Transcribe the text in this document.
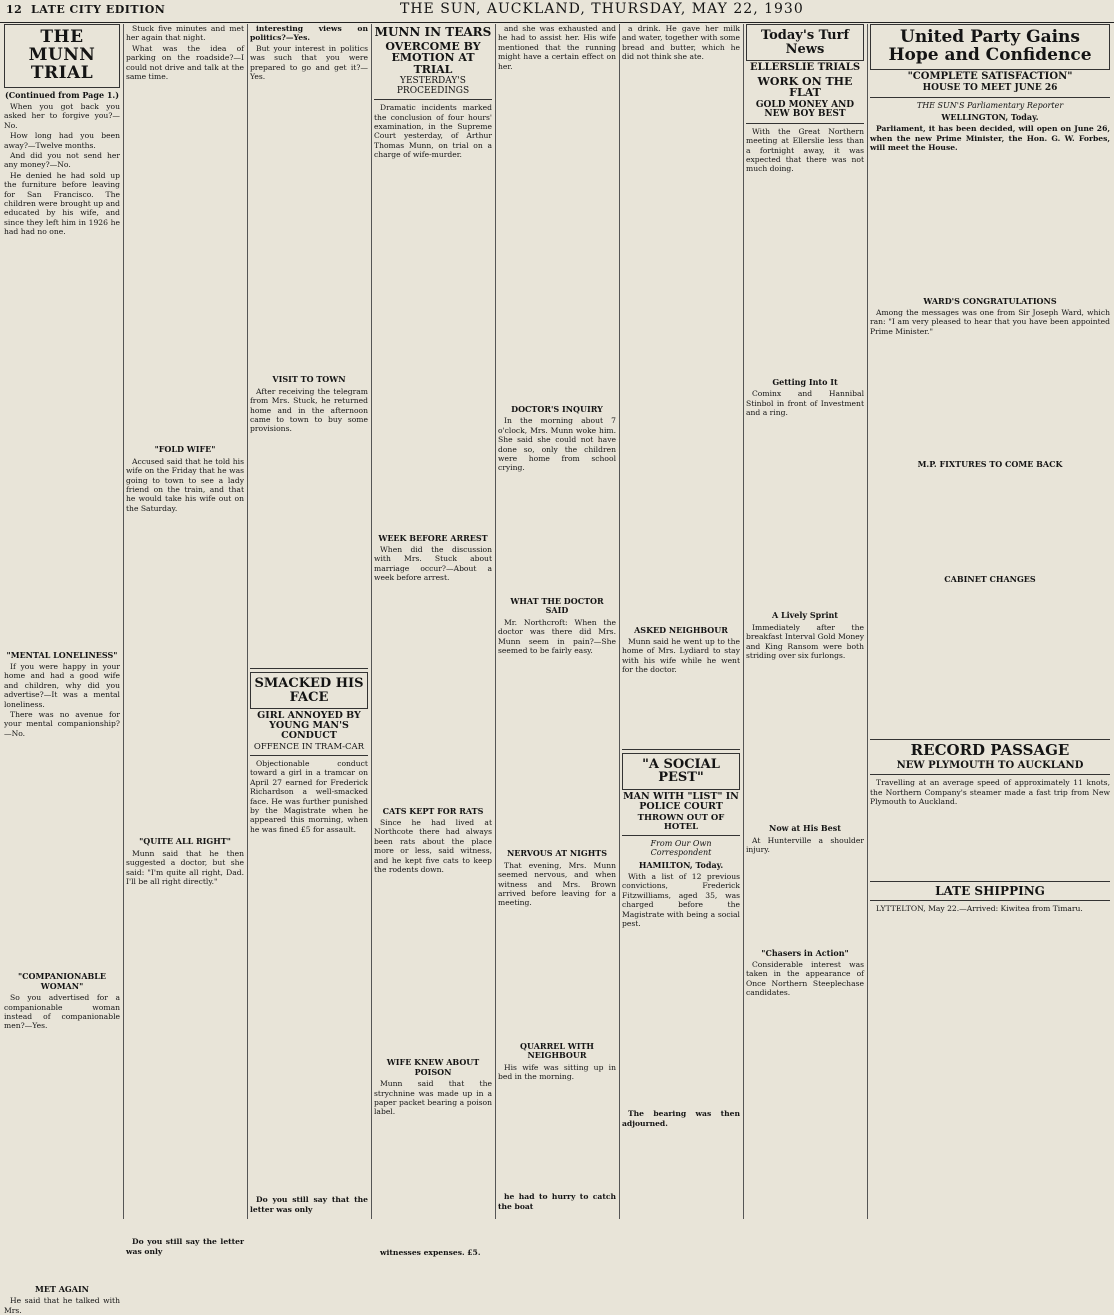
12 LATE CITY EDITION	THE SUN, AUCKLAND, THURSDAY, MAY 22, 1930
THE MUNN TRIAL
(Continued from Page 1.)

When you got back you asked her to forgive you?—No.

How long had you been away?—Twelve months.

And did you not send her any money?—No.

He denied he had sold up the furniture before leaving for San Francisco. The children were brought up and educated by his wife, and since they left him in 1926 he had had no one.

"MENTAL LONELINESS"

If you were happy in your home and had a good wife and children, why did you advertise?—It was a mental loneliness.

There was no avenue for your mental companionship?—No.

"COMPANIONABLE WOMAN"

So you advertised for a companionable woman instead of companionable men?—Yes.

MET AGAIN

He said that he talked with Mrs.

Stuck five minutes and met her again that night.

What was the idea of parking on the roadside?—I could not drive and talk at the same time.

"FOLD WIFE"

Accused said that he told his wife on the Friday that he was going to town to see a lady friend on the train, and that he would take his wife out on the Saturday.

"QUITE ALL RIGHT"

Munn said that he then suggested a doctor, but she said: "I'm quite all right, Dad. I'll be all right directly."

Do you still say the letter was only

interesting views on politics?—Yes.

But your interest in politics was such that you were prepared to go and get it?—Yes.

VISIT TO TOWN

After receiving the telegram from Mrs. Stuck, he returned home and in the afternoon came to town to buy some provisions.

SMACKED HIS FACE
GIRL ANNOYED BY YOUNG MAN'S CONDUCT
OFFENCE IN TRAM-CAR

Objectionable conduct toward a girl in a tramcar on April 27 earned for Frederick Richardson a well-smacked face. He was further punished by the Magistrate when he appeared this morning, when he was fined £5 for assault.

Do you still say that the letter was only

MUNN IN TEARS
OVERCOME BY EMOTION AT TRIAL
YESTERDAY'S PROCEEDINGS

Dramatic incidents marked the conclusion of four hours' examination, in the Supreme Court yesterday, of Arthur Thomas Munn, on trial on a charge of wife-murder.

WEEK BEFORE ARREST

When did the discussion with Mrs. Stuck about marriage occur?—About a week before arrest.

CATS KEPT FOR RATS

Since he had lived at Northcote there had always been rats about the place more or less, said witness, and he kept five cats to keep the rodents down.

WIFE KNEW ABOUT POISON

Munn said that the strychnine was made up in a paper packet bearing a poison label.

witnesses expenses. £5.

and she was exhausted and he had to assist her. His wife mentioned that the running might have a certain effect on her.

DOCTOR'S INQUIRY

In the morning about 7 o'clock, Mrs. Munn woke him. She said she could not have done so, only the children were home from school crying.

WHAT THE DOCTOR SAID

Mr. Northcroft: When the doctor was there did Mrs. Munn seem in pain?—She seemed to be fairly easy.

NERVOUS AT NIGHTS

That evening, Mrs. Munn seemed nervous, and when witness and Mrs. Brown arrived before leaving for a meeting.

QUARREL WITH NEIGHBOUR

His wife was sitting up in bed in the morning.

he had to hurry to catch the boat

a drink. He gave her milk and water, together with some bread and butter, which he did not think she ate.

ASKED NEIGHBOUR

Munn said he went up to the home of Mrs. Lydiard to stay with his wife while he went for the doctor.

"A SOCIAL PEST"
MAN WITH "LIST" IN POLICE COURT
THROWN OUT OF HOTEL
From Our Own Correspondent
HAMILTON, Today.

With a list of 12 previous convictions, Frederick Fitzwilliams, aged 35, was charged before the Magistrate with being a social pest.

The bearing was then adjourned.

Today's Turf News
ELLERSLIE TRIALS
WORK ON THE FLAT
GOLD MONEY AND NEW BOY BEST

With the Great Northern meeting at Ellerslie less than a fortnight away, it was expected that there was not much doing.

Getting Into It

Cominx and Hannibal Stinbol in front of Investment and a ring.

A Lively Sprint

Immediately after the breakfast Interval Gold Money and King Ransom were both striding over six furlongs.

Now at His Best

At Hunterville a shoulder injury.

"Chasers in Action"

Considerable interest was taken in the appearance of Once Northern Steeplechase candidates.

United Party Gains Hope and Confidence
"COMPLETE SATISFACTION"
HOUSE TO MEET JUNE 26
THE SUN'S Parliamentary Reporter
WELLINGTON, Today.

Parliament, it has been decided, will open on June 26, when the new Prime Minister, the Hon. G. W. Forbes, will meet the House.

WARD'S CONGRATULATIONS

Among the messages was one from Sir Joseph Ward, which ran: "I am very pleased to hear that you have been appointed Prime Minister."

M.P. FIXTURES TO COME BACK
CABINET CHANGES
RECORD PASSAGE
NEW PLYMOUTH TO AUCKLAND

Travelling at an average speed of approximately 11 knots, the Northern Company's steamer made a fast trip from New Plymouth to Auckland.

LATE SHIPPING

LYTTELTON, May 22.—Arrived: Kiwitea from Timaru.
